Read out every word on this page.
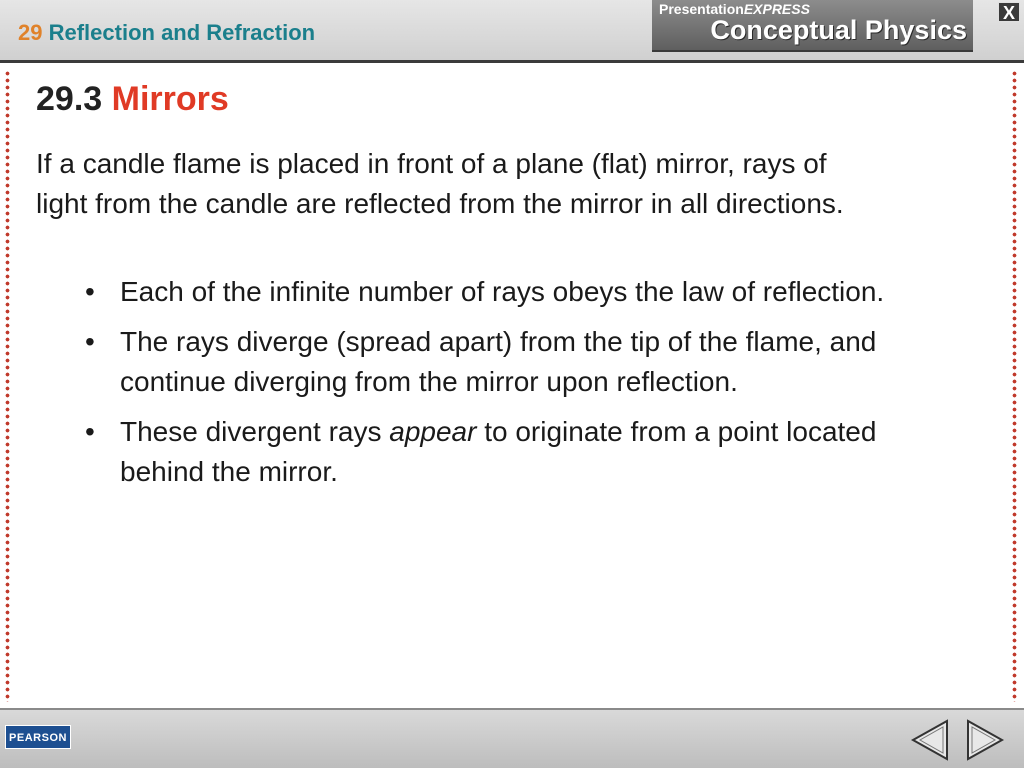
29 Reflection and Refraction
PresentationEXPRESS
Conceptual Physics
X
29.3 Mirrors
If a candle flame is placed in front of a plane (flat) mirror, rays of light from the candle are reflected from the mirror in all directions.
• Each of the infinite number of rays obeys the law of reflection.
• The rays diverge (spread apart) from the tip of the flame, and continue diverging from the mirror upon reflection.
• These divergent rays appear to originate from a point located behind the mirror.
PEARSON
